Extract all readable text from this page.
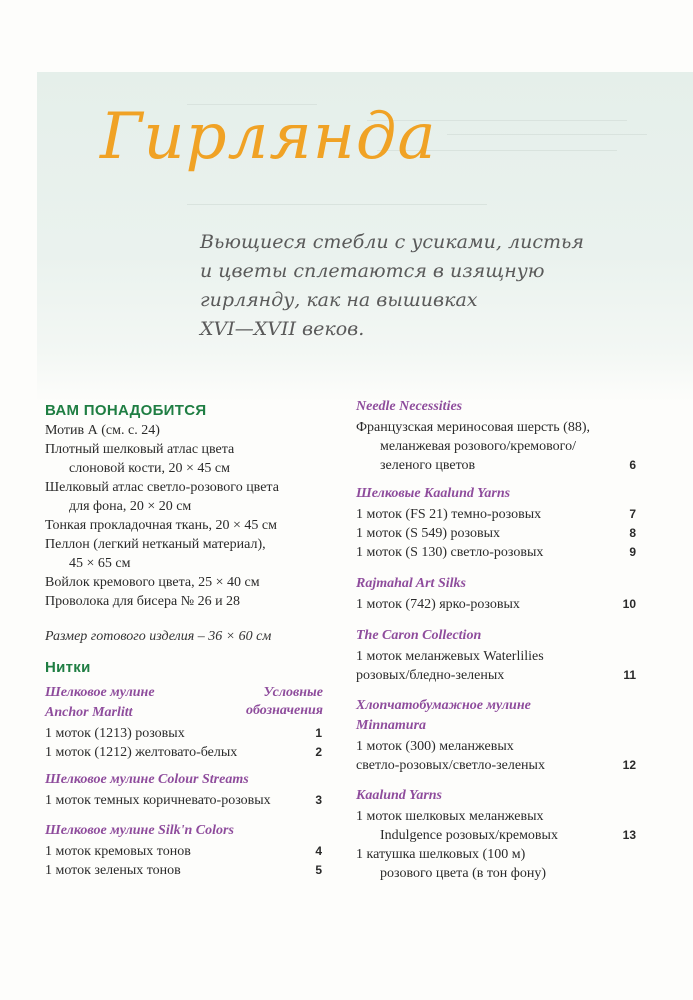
Гирлянда
Вьющиеся стебли с усиками, листья
и цветы сплетаются в изящную
гирлянду, как на вышивках
XVI—XVII веков.
ВАМ ПОНАДОБИТСЯ
Мотив А (см. с. 24)
Плотный шелковый атлас цвета
слоновой кости, 20 × 45 см
Шелковый атлас светло-розового цвета
для фона, 20 × 20 см
Тонкая прокладочная ткань, 20 × 45 см
Пеллон (легкий нетканый материал),
45 × 65 см
Войлок кремового цвета, 25 × 40 см
Проволока для бисера № 26 и 28
Размер готового изделия – 36 × 60 см
Нитки
Шелковое мулине
Anchor Marlitt
Условные
обозначения
1 моток (1213) розовых	1
1 моток (1212) желтовато-белых	2
Шелковое мулине Colour Streams
1 моток темных коричневато-розовых	3
Шелковое мулине Silk'n Colors
1 моток кремовых тонов	4
1 моток зеленых тонов	5
Needle Necessities
Французская мериносовая шерсть (88),
меланжевая розового/кремового/
зеленого цветов	6
Шелковые Kaalund Yarns
1 моток (FS 21) темно-розовых	7
1 моток (S 549) розовых	8
1 моток (S 130) светло-розовых	9
Rajmahal Art Silks
1 моток (742) ярко-розовых	10
The Caron Collection
1 моток меланжевых Waterlilies
розовых/бледно-зеленых	11
Хлопчатобумажное мулине
Minnamura
1 моток (300) меланжевых
светло-розовых/светло-зеленых	12
Kaalund Yarns
1 моток шелковых меланжевых
Indulgence розовых/кремовых	13
1 катушка шелковых (100 м)
розового цвета (в тон фону)
